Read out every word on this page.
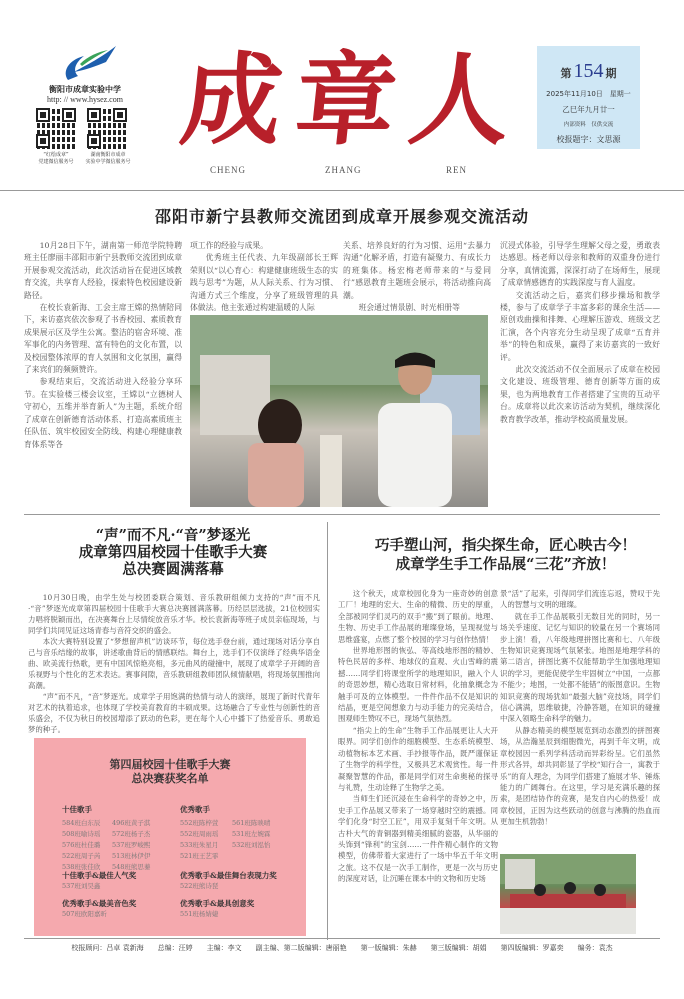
衡阳市成章实验中学
http: // www.hysez.com
“红绘成章”
党建微信服务号
湖南衡阳市成章
实验中学微信服务号
成 章 人
CHENG	ZHANG	REN
第 154 期
2025年11月10日　星期一
乙巳年九月廿一
内部资料　仅供交流
校报题字：文思源
邵阳市新宁县教师交流团到成章开展参观交流活动

10月28日下午，湖南第一师范学院特聘班主任廖丽丰邵阳市新宁县教师交流团到成章开展参观交流活动，此次活动旨在促进区域教育交流，共享育人经验，探索特色校园建设新路径。

在校长袁新海、工会主席王嫦的热情陪同下，来访嘉宾依次参观了书香校园、素质教育成果展示区及学生公寓。整洁的宿舍环境、准军事化的内务管理、富有特色的文化布置，以及校园整体浓厚的育人氛围和文化氛围，赢得了来宾们的频频赞许。

参观结束后，交流活动进入经验分享环节。在实验楼三楼会议室，王嫦以“立德树人守初心，五维并举育新人”为主题，系统介绍了成章在创新德育活动体系、打造高素质班主任队伍、筑牢校园安全防线、构建心理健康教育体系等各

项工作的经验与成果。

优秀班主任代表、九年级副部长王辉荣则以“以心育心：构建健康班级生态的实践与思考”为题，从人际关系、行为习惯、沟通方式三个维度，分享了班级管理的具体做法。他主张通过构建温暖的人际

关系、培养良好的行为习惯、运用“去暴力沟通”化解矛盾，打造有凝聚力、有成长力的班集体。杨宏梅老师带来的“与爱同行”感恩教育主题班会展示，将活动推向高潮。

班会通过情景剧、时光相册等

沉浸式体验，引导学生理解父母之爱，勇敢表达感恩。杨老师以母亲和教师的双重身份进行分享，真情流露，深深打动了在场师生，展现了成章情感德育的实践深度与育人温度。

交流活动之后，嘉宾们移步操场和教学楼，参与了成章学子丰富多彩的课余生活——原创戏曲操和排舞、心理解压游戏、班级文艺汇演，各个内容充分生动呈现了成章“五育并举”的特色和成果，赢得了来访嘉宾的一致好评。

此次交流活动不仅全面展示了成章在校园文化建设、班级管理、德育创新等方面的成果，也为两地教育工作者搭建了宝贵的互动平台。成章将以此次来访活动为契机，继续深化教育教学改革，推动学校高质量发展。

“声”而不凡·“音”梦逐光
成章第四届校园十佳歌手大赛
总决赛圆满落幕

10月30日晚，由学生处与校团委联合策划、音乐教研组倾力支持的“声”而不凡·“音”梦逐光成章第四届校园十佳歌手大赛总决赛圆满落幕。历经层层选拔，21位校园实力唱将脱颖而出，在决赛舞台上尽情绽放音乐才华。校长袁新海等班子成员亲临现场，与同学们共同见证这场青春与音符交织的盛会。

本次大赛特别设置了“梦想留声机”访谈环节，每位选手登台前，通过现场对话分享自己与音乐结缘的故事，讲述歌曲背后的情感联结。舞台上，选手们不仅演绎了经典华语金曲、欧美流行热歌，更有中国风惊艳亮相，多元曲风的碰撞中，展现了成章学子开阔的音乐视野与个性化的艺术表达。赛事间隙，音乐教研组教师团队倾情献唱，将现场氛围推向高潮。

“声”而不凡，“音”梦逐光。成章学子用饱满的热情与动人的演绎，展现了新时代青年对艺术的执着追求，也体现了学校美育教育的丰硕成果。这场融合了专业性与创新性的音乐盛会，不仅为秋日的校园增添了跃动的色彩，更在每个人心中播下了热爱音乐、勇敢追梦的种子。

第四届校园十佳歌手大赛
总决赛获奖名单
十佳歌手
584班白东辰	496班黄子淇
508班喻诗瑶	572班杨子杰
576班杜佳璐	537班罗峻熙
522班周子芮	513班林伊伊
538班张佳欣	548班熊思蓁
优秀歌手
552班陈梓萱	561班陈映晴
552班周雨瑶	531班左婉霖
533班朱星月	532班刘泓怡
521班王艺霏
十佳歌手&最佳人气奖
537班刘昊鑫
优秀歌手&最佳舞台表现力奖
522班熊诗琵
优秀歌手&最美音色奖
507班欧阳嘉昕
优秀歌手&最具创意奖
551班杨婧婕
巧手塑山河，指尖探生命，匠心映古今！
成章学生手工作品展“三花”齐放！

这个秋天，成章校园化身为一座奇妙的创意工厂！地理的宏大、生命的精微、历史的厚重，全部被同学们灵巧的双手“搬”到了眼前。地理、生物、历史手工作品展的璀璨登场，呈现视觉与思维盛宴，点燃了整个校园的学习与创作热情！

世界地形图的恢弘、等高线地形图的精妙、特色民居的多样、地球仪的直观、火山雪峰的震撼……同学们将课堂所学的地理知识，融入个人的奇思妙想，精心选取日常材料，化抽象概念为触手可及的立体模型。一件件作品不仅是知识的结晶，更是空间想象力与动手能力的完美结合，围观师生赞叹不已，现场气氛热烈。

“指尖上的生命”生物手工作品展更让人大开眼界。同学们创作的细胞模型、生态系统模型、动植物标本艺术画、手抄报等作品，既严谨保证了生物学的科学性，又极具艺术观赏性。每一件凝聚智慧的作品，都是同学们对生命奥秘的探寻与礼赞，生动诠释了生物学之美。

当师生们还沉浸在生命科学的奇妙之中，历史手工作品展又带来了一场穿越时空的震撼。同学们化身“时空工匠”，用双手复刻千年文明。从古朴大气的青铜器到精美细腻的瓷器，从华丽的头饰到“锋利”的宝剑……一件件精心制作的文物模型，仿佛带着大家进行了一场中华五千年文明之旅。这不仅是一次手工制作，更是一次与历史的深度对话，让沉睡在课本中的文物和历史场

景“活”了起来，引得同学们流连忘返，赞叹于先人的智慧与文明的璀璨。

就在手工作品展吸引无数目光的同时，另一场关乎速度、记忆与知识的较量在另一个赛场同步上演！看，八年级地理拼图比赛和七、八年级生物知识竞赛现场气氛紧张。地图是地理学科的第二语言，拼图比赛不仅能帮助学生加强地理知识的学习，更能促使学生牢固树立“中国，一点都不能少；地图，一处都不能错”的版图意识。生物知识竞赛的现场犹如“最强大脑”竞技场，同学们信心满满，思维敏捷，冷静答题，在知识的碰撞中深入领略生命科学的魅力。

从静态精美的模型展览到动态激烈的拼图赛场，从浩瀚星辰到细胞微光，再到千年文明，成章校园因一系列学科活动而异彩纷呈。它们虽然形式各异，却共同彰显了学校“知行合一，寓教于乐”的育人理念，为同学们搭建了施展才华、锤炼能力的广阔舞台。在这里，学习是充满乐趣的探索，是团结协作的竞赛，是发自内心的热爱！成章校园，正因为这些跃动的创意与沸腾的热血而更加生机勃勃！

校报顾问：吕卓 袁新海　　总编：汪婷　　主编：李文　　副主编、第二版编辑：唐丽艳　　第一版编辑：朱赫　　第三版编辑：胡娟　　第四版编辑：罗嘉奕　　编务：袁杰
